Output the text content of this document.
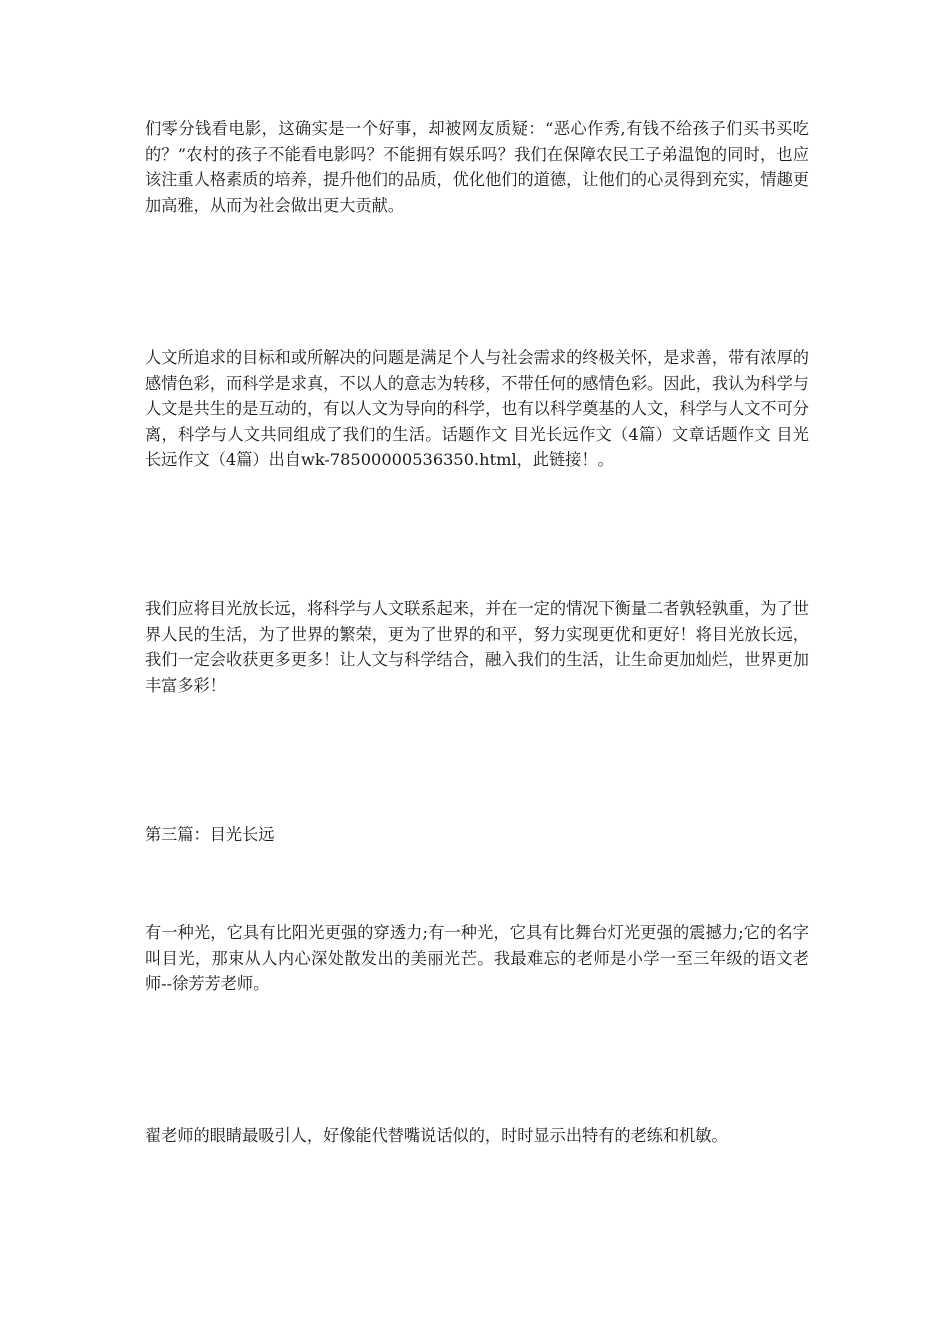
们零分钱看电影，这确实是一个好事，却被网友质疑：“恶心作秀,有钱不给孩子们买书买吃的？”农村的孩子不能看电影吗？不能拥有娱乐吗？我们在保障农民工子弟温饱的同时，也应该注重人格素质的培养，提升他们的品质，优化他们的道德，让他们的心灵得到充实，情趣更加高雅，从而为社会做出更大贡献。

人文所追求的目标和或所解决的问题是满足个人与社会需求的终极关怀，是求善，带有浓厚的感情色彩，而科学是求真，不以人的意志为转移，不带任何的感情色彩。因此，我认为科学与人文是共生的是互动的，有以人文为导向的科学，也有以科学奠基的人文，科学与人文不可分离，科学与人文共同组成了我们的生活。话题作文 目光长远作文（4篇）文章话题作文 目光长远作文（4篇）出自wk-78500000536350.html，此链接！。

我们应将目光放长远，将科学与人文联系起来，并在一定的情况下衡量二者孰轻孰重，为了世界人民的生活，为了世界的繁荣，更为了世界的和平，努力实现更优和更好！将目光放长远，我们一定会收获更多更多！让人文与科学结合，融入我们的生活，让生命更加灿烂，世界更加丰富多彩！

第三篇：目光长远

有一种光，它具有比阳光更强的穿透力;有一种光，它具有比舞台灯光更强的震撼力;它的名字叫目光，那束从人内心深处散发出的美丽光芒。我最难忘的老师是小学一至三年级的语文老师--徐芳芳老师。

翟老师的眼睛最吸引人，好像能代替嘴说话似的，时时显示出特有的老练和机敏。
